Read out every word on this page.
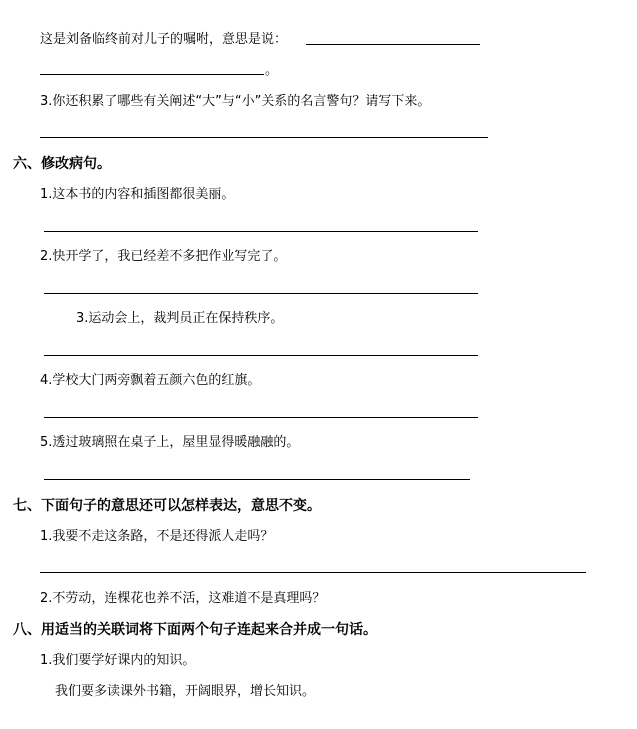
这是刘备临终前对儿子的嘱咐，意思是说：
。
3.你还积累了哪些有关阐述“大”与“小”关系的名言警句？请写下来。
六、修改病句。
1.这本书的内容和插图都很美丽。
2.快开学了，我已经差不多把作业写完了。
3.运动会上，裁判员正在保持秩序。
4.学校大门两旁飘着五颜六色的红旗。
5.透过玻璃照在桌子上，屋里显得暖融融的。
七、下面句子的意思还可以怎样表达，意思不变。
1.我要不走这条路，不是还得派人走吗？
2.不劳动，连棵花也养不活，这难道不是真理吗？
八、用适当的关联词将下面两个句子连起来合并成一句话。
1.我们要学好课内的知识。
我们要多读课外书籍，开阔眼界，增长知识。
